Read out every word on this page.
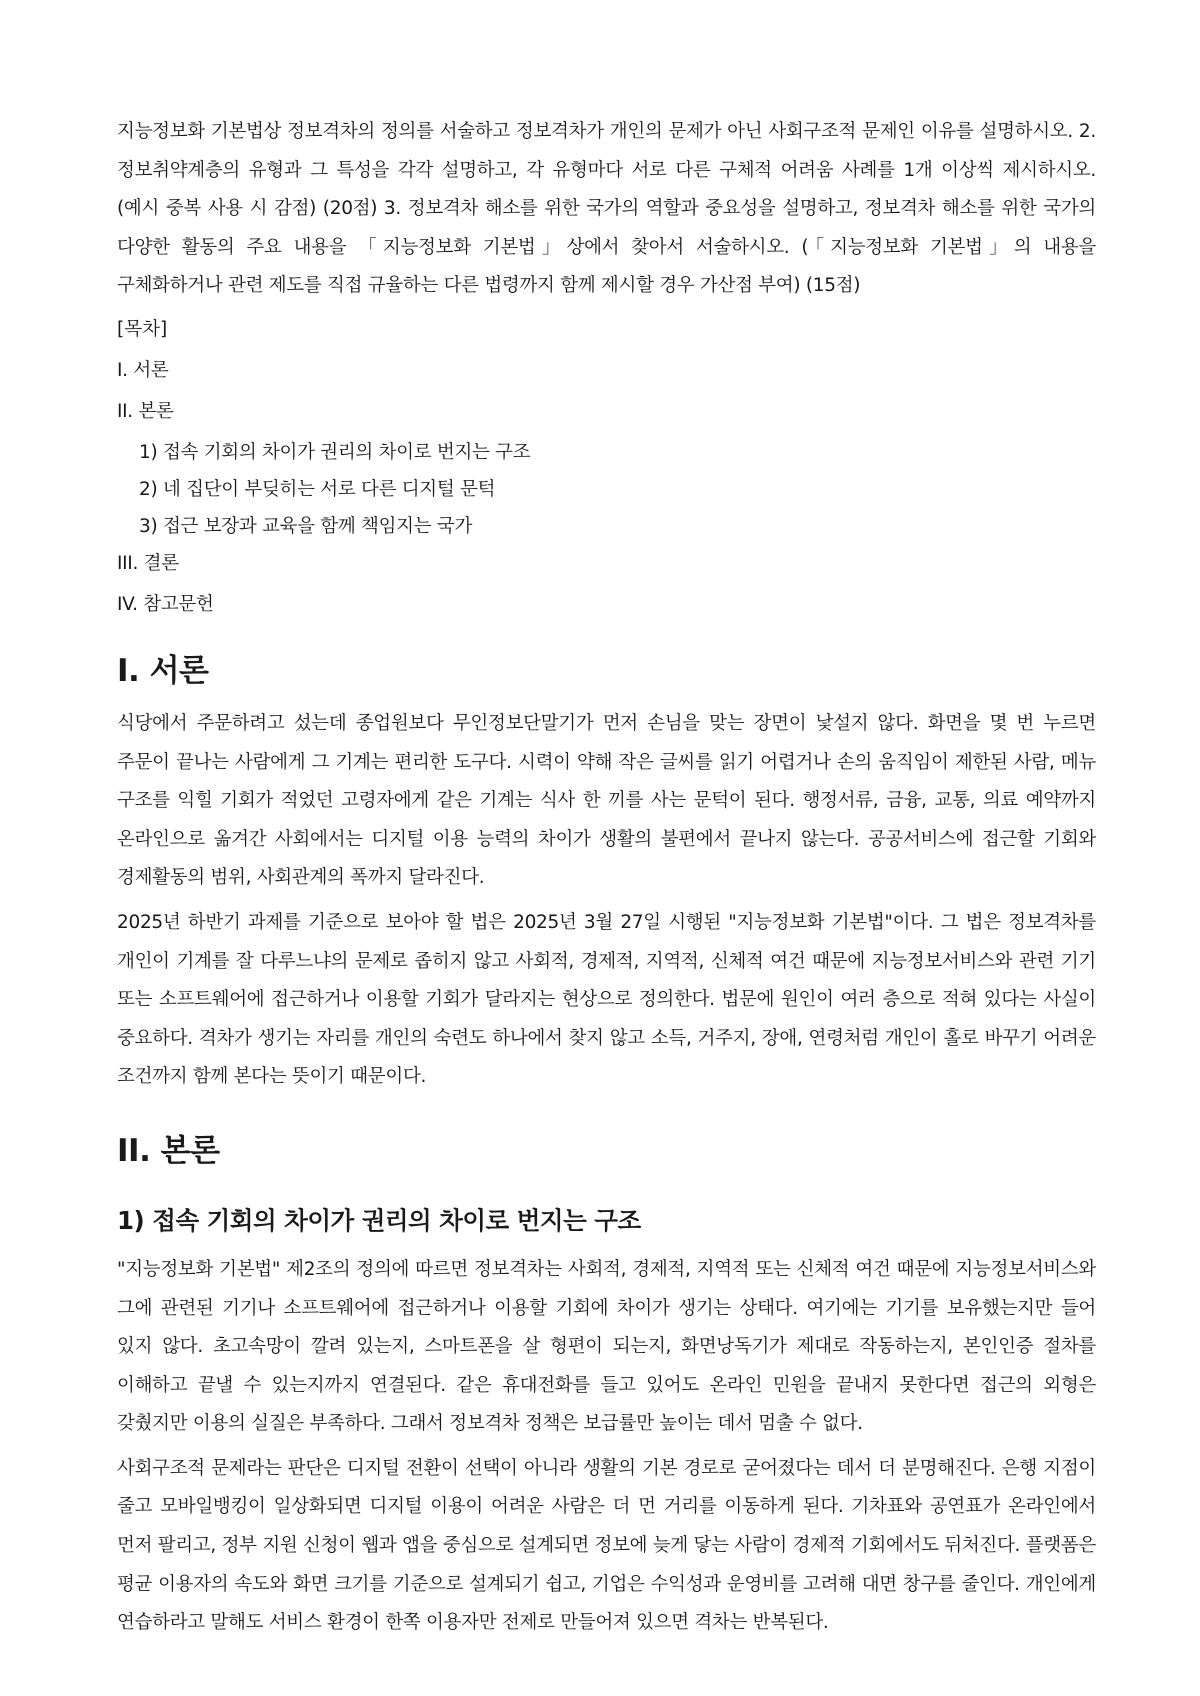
지능정보화 기본법상 정보격차의 정의를 서술하고 정보격차가 개인의 문제가 아닌 사회구조적 문제인 이유를 설명하시오. 2. 정보취약계층의 유형과 그 특성을 각각 설명하고, 각 유형마다 서로 다른 구체적 어려움 사례를 1개 이상씩 제시하시오. (예시 중복 사용 시 감점) (20점) 3. 정보격차 해소를 위한 국가의 역할과 중요성을 설명하고, 정보격차 해소를 위한 국가의 다양한 활동의 주요 내용을 「지능정보화 기본법」상에서 찾아서 서술하시오. (「지능정보화 기본법」의 내용을 구체화하거나 관련 제도를 직접 규율하는 다른 법령까지 함께 제시할 경우 가산점 부여) (15점)

[목차]
I. 서론
II. 본론
1) 접속 기회의 차이가 권리의 차이로 번지는 구조
2) 네 집단이 부딪히는 서로 다른 디지털 문턱
3) 접근 보장과 교육을 함께 책임지는 국가
III. 결론
IV. 참고문헌
I. 서론

식당에서 주문하려고 섰는데 종업원보다 무인정보단말기가 먼저 손님을 맞는 장면이 낯설지 않다. 화면을 몇 번 누르면 주문이 끝나는 사람에게 그 기계는 편리한 도구다. 시력이 약해 작은 글씨를 읽기 어렵거나 손의 움직임이 제한된 사람, 메뉴 구조를 익힐 기회가 적었던 고령자에게 같은 기계는 식사 한 끼를 사는 문턱이 된다. 행정서류, 금융, 교통, 의료 예약까지 온라인으로 옮겨간 사회에서는 디지털 이용 능력의 차이가 생활의 불편에서 끝나지 않는다. 공공서비스에 접근할 기회와 경제활동의 범위, 사회관계의 폭까지 달라진다.

2025년 하반기 과제를 기준으로 보아야 할 법은 2025년 3월 27일 시행된 "지능정보화 기본법"이다. 그 법은 정보격차를 개인이 기계를 잘 다루느냐의 문제로 좁히지 않고 사회적, 경제적, 지역적, 신체적 여건 때문에 지능정보서비스와 관련 기기 또는 소프트웨어에 접근하거나 이용할 기회가 달라지는 현상으로 정의한다. 법문에 원인이 여러 층으로 적혀 있다는 사실이 중요하다. 격차가 생기는 자리를 개인의 숙련도 하나에서 찾지 않고 소득, 거주지, 장애, 연령처럼 개인이 홀로 바꾸기 어려운 조건까지 함께 본다는 뜻이기 때문이다.

II. 본론
1) 접속 기회의 차이가 권리의 차이로 번지는 구조

"지능정보화 기본법" 제2조의 정의에 따르면 정보격차는 사회적, 경제적, 지역적 또는 신체적 여건 때문에 지능정보서비스와 그에 관련된 기기나 소프트웨어에 접근하거나 이용할 기회에 차이가 생기는 상태다. 여기에는 기기를 보유했는지만 들어 있지 않다. 초고속망이 깔려 있는지, 스마트폰을 살 형편이 되는지, 화면낭독기가 제대로 작동하는지, 본인인증 절차를 이해하고 끝낼 수 있는지까지 연결된다. 같은 휴대전화를 들고 있어도 온라인 민원을 끝내지 못한다면 접근의 외형은 갖췄지만 이용의 실질은 부족하다. 그래서 정보격차 정책은 보급률만 높이는 데서 멈출 수 없다.

사회구조적 문제라는 판단은 디지털 전환이 선택이 아니라 생활의 기본 경로로 굳어졌다는 데서 더 분명해진다. 은행 지점이 줄고 모바일뱅킹이 일상화되면 디지털 이용이 어려운 사람은 더 먼 거리를 이동하게 된다. 기차표와 공연표가 온라인에서 먼저 팔리고, 정부 지원 신청이 웹과 앱을 중심으로 설계되면 정보에 늦게 닿는 사람이 경제적 기회에서도 뒤처진다. 플랫폼은 평균 이용자의 속도와 화면 크기를 기준으로 설계되기 쉽고, 기업은 수익성과 운영비를 고려해 대면 창구를 줄인다. 개인에게 연습하라고 말해도 서비스 환경이 한쪽 이용자만 전제로 만들어져 있으면 격차는 반복된다.
